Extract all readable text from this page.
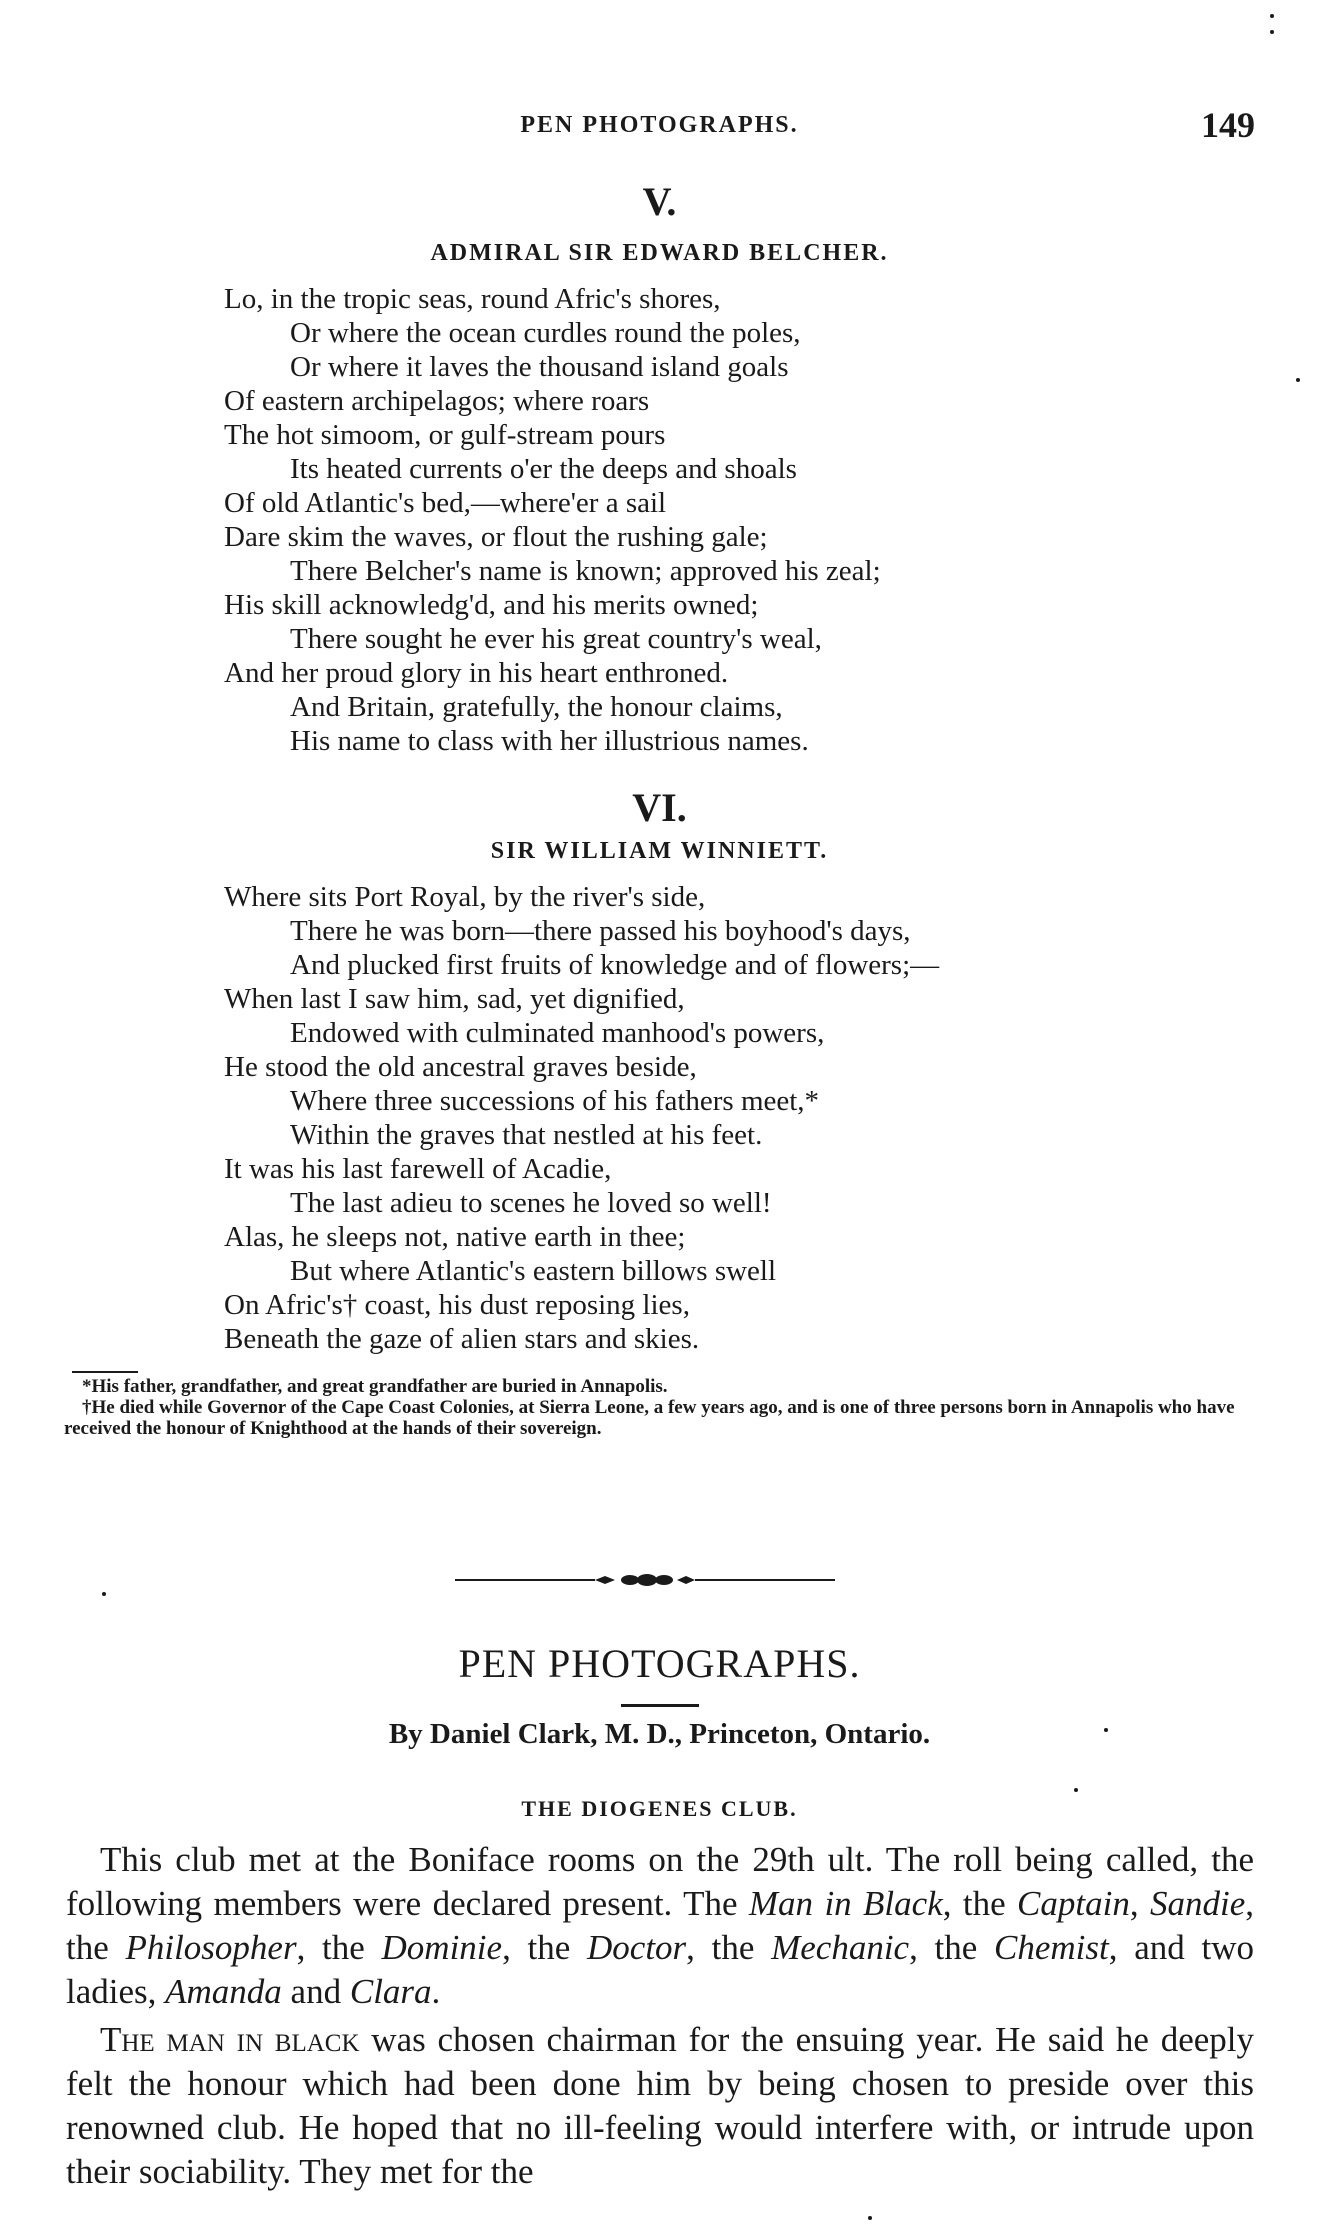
PEN PHOTOGRAPHS.	149
V.
ADMIRAL SIR EDWARD BELCHER.
Lo, in the tropic seas, round Afric's shores,
Or where the ocean curdles round the poles,
Or where it laves the thousand island goals
Of eastern archipelagos; where roars
The hot simoom, or gulf-stream pours
Its heated currents o'er the deeps and shoals
Of old Atlantic's bed,—where'er a sail
Dare skim the waves, or flout the rushing gale;
There Belcher's name is known; approved his zeal;
His skill acknowledg'd, and his merits owned;
There sought he ever his great country's weal,
And her proud glory in his heart enthroned.
And Britain, gratefully, the honour claims,
His name to class with her illustrious names.
VI.
SIR WILLIAM WINNIETT.
Where sits Port Royal, by the river's side,
There he was born—there passed his boyhood's days,
And plucked first fruits of knowledge and of flowers;—
When last I saw him, sad, yet dignified,
Endowed with culminated manhood's powers,
He stood the old ancestral graves beside,
Where three successions of his fathers meet,*
Within the graves that nestled at his feet.
It was his last farewell of Acadie,
The last adieu to scenes he loved so well!
Alas, he sleeps not, native earth in thee;
But where Atlantic's eastern billows swell
On Afric's† coast, his dust reposing lies,
Beneath the gaze of alien stars and skies.

*His father, grandfather, and great grandfather are buried in Annapolis.

†He died while Governor of the Cape Coast Colonies, at Sierra Leone, a few years ago, and is one of three persons born in Annapolis who have received the honour of Knighthood at the hands of their sovereign.

PEN PHOTOGRAPHS.
By Daniel Clark, M. D., Princeton, Ontario.
THE DIOGENES CLUB.

This club met at the Boniface rooms on the 29th ult. The roll being called, the following members were declared present. The Man in Black, the Captain, Sandie, the Philosopher, the Dominie, the Doctor, the Mechanic, the Chemist, and two ladies, Amanda and Clara.

The man in black was chosen chairman for the ensuing year. He said he deeply felt the honour which had been done him by being chosen to preside over this renowned club. He hoped that no ill-feeling would interfere with, or intrude upon their sociability. They met for the
